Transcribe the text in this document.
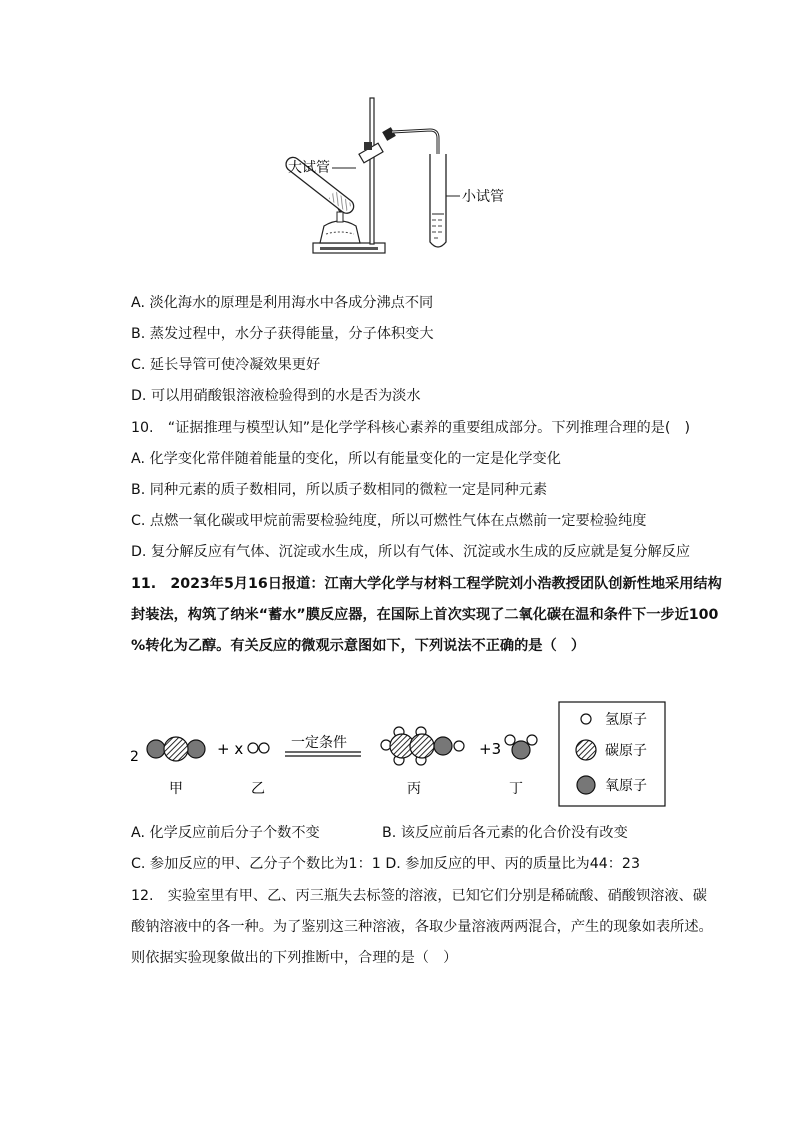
大试管
小试管
A. 淡化海水的原理是利用海水中各成分沸点不同
B. 蒸发过程中，水分子获得能量，分子体积变大
C. 延长导管可使冷凝效果更好
D. 可以用硝酸银溶液检验得到的水是否为淡水
10.　“证据推理与模型认知”是化学学科核心素养的重要组成部分。下列推理合理的是(　)
A. 化学变化常伴随着能量的变化，所以有能量变化的一定是化学变化
B. 同种元素的质子数相同，所以质子数相同的微粒一定是同种元素
C. 点燃一氧化碳或甲烷前需要检验纯度，所以可燃性气体在点燃前一定要检验纯度
D. 复分解反应有气体、沉淀或水生成，所以有气体、沉淀或水生成的反应就是复分解反应
11.　2023年5月16日报道：江南大学化学与材料工程学院刘小浩教授团队创新性地采用结构
封装法，构筑了纳米“蓄水”膜反应器，在国际上首次实现了二氧化碳在温和条件下一步近100
%转化为乙醇。有关反应的微观示意图如下，下列说法不正确的是（　）
2	+ x	一定条件	+3
甲	乙	丙	丁
氢原子
碳原子
氧原子
A. 化学反应前后分子个数不变	B. 该反应前后各元素的化合价没有改变
C. 参加反应的甲、乙分子个数比为1：1 D. 参加反应的甲、丙的质量比为44：23
12.　实验室里有甲、乙、丙三瓶失去标签的溶液，已知它们分别是稀硫酸、硝酸钡溶液、碳
酸钠溶液中的各一种。为了鉴别这三种溶液，各取少量溶液两两混合，产生的现象如表所述。
则依据实验现象做出的下列推断中，合理的是（　）
